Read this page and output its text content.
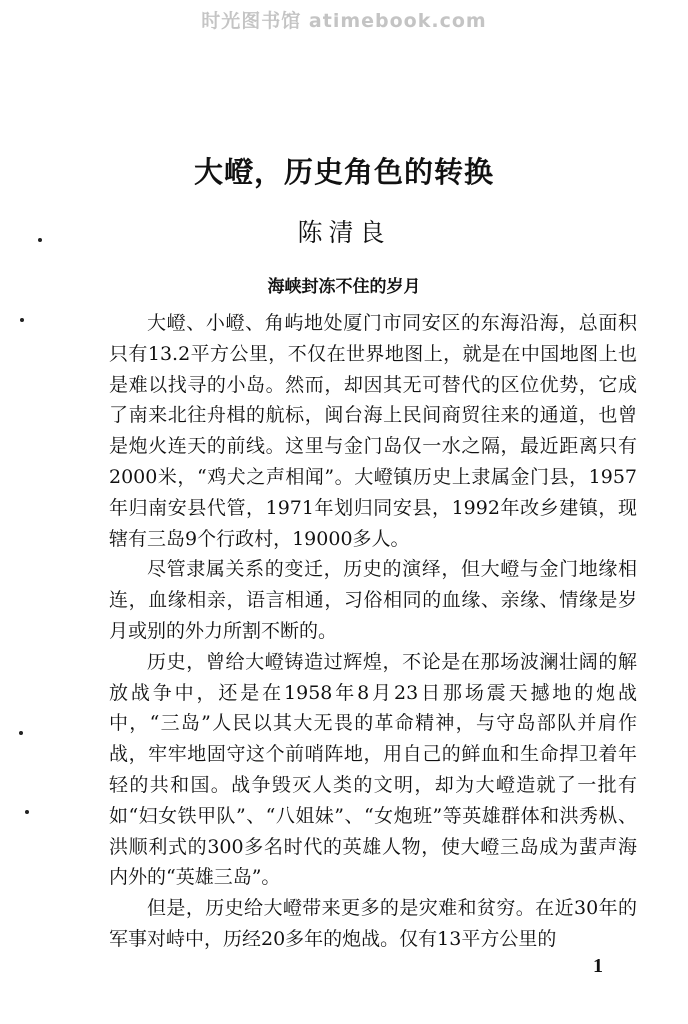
时光图书馆 atimebook.com
大嶝，历史角色的转换
陈清良
海峡封冻不住的岁月

大嶝、小嶝、角屿地处厦门市同安区的东海沿海，总面积只有13.2平方公里，不仅在世界地图上，就是在中国地图上也是难以找寻的小岛。然而，却因其无可替代的区位优势，它成了南来北往舟楫的航标，闽台海上民间商贸往来的通道，也曾是炮火连天的前线。这里与金门岛仅一水之隔，最近距离只有2000米，“鸡犬之声相闻”。大嶝镇历史上隶属金门县，1957年归南安县代管，1971年划归同安县，1992年改乡建镇，现辖有三岛9个行政村，19000多人。

尽管隶属关系的变迁，历史的演绎，但大嶝与金门地缘相连，血缘相亲，语言相通，习俗相同的血缘、亲缘、情缘是岁月或别的外力所割不断的。

历史，曾给大嶝铸造过辉煌，不论是在那场波澜壮阔的解放战争中，还是在1958年8月23日那场震天撼地的炮战中，“三岛”人民以其大无畏的革命精神，与守岛部队并肩作战，牢牢地固守这个前哨阵地，用自己的鲜血和生命捍卫着年轻的共和国。战争毁灭人类的文明，却为大嶝造就了一批有如“妇女铁甲队”、“八姐妹”、“女炮班”等英雄群体和洪秀枞、洪顺利式的300多名时代的英雄人物，使大嶝三岛成为蜚声海内外的“英雄三岛”。

但是，历史给大嶝带来更多的是灾难和贫穷。在近30年的军事对峙中，历经20多年的炮战。仅有13平方公里的

1
